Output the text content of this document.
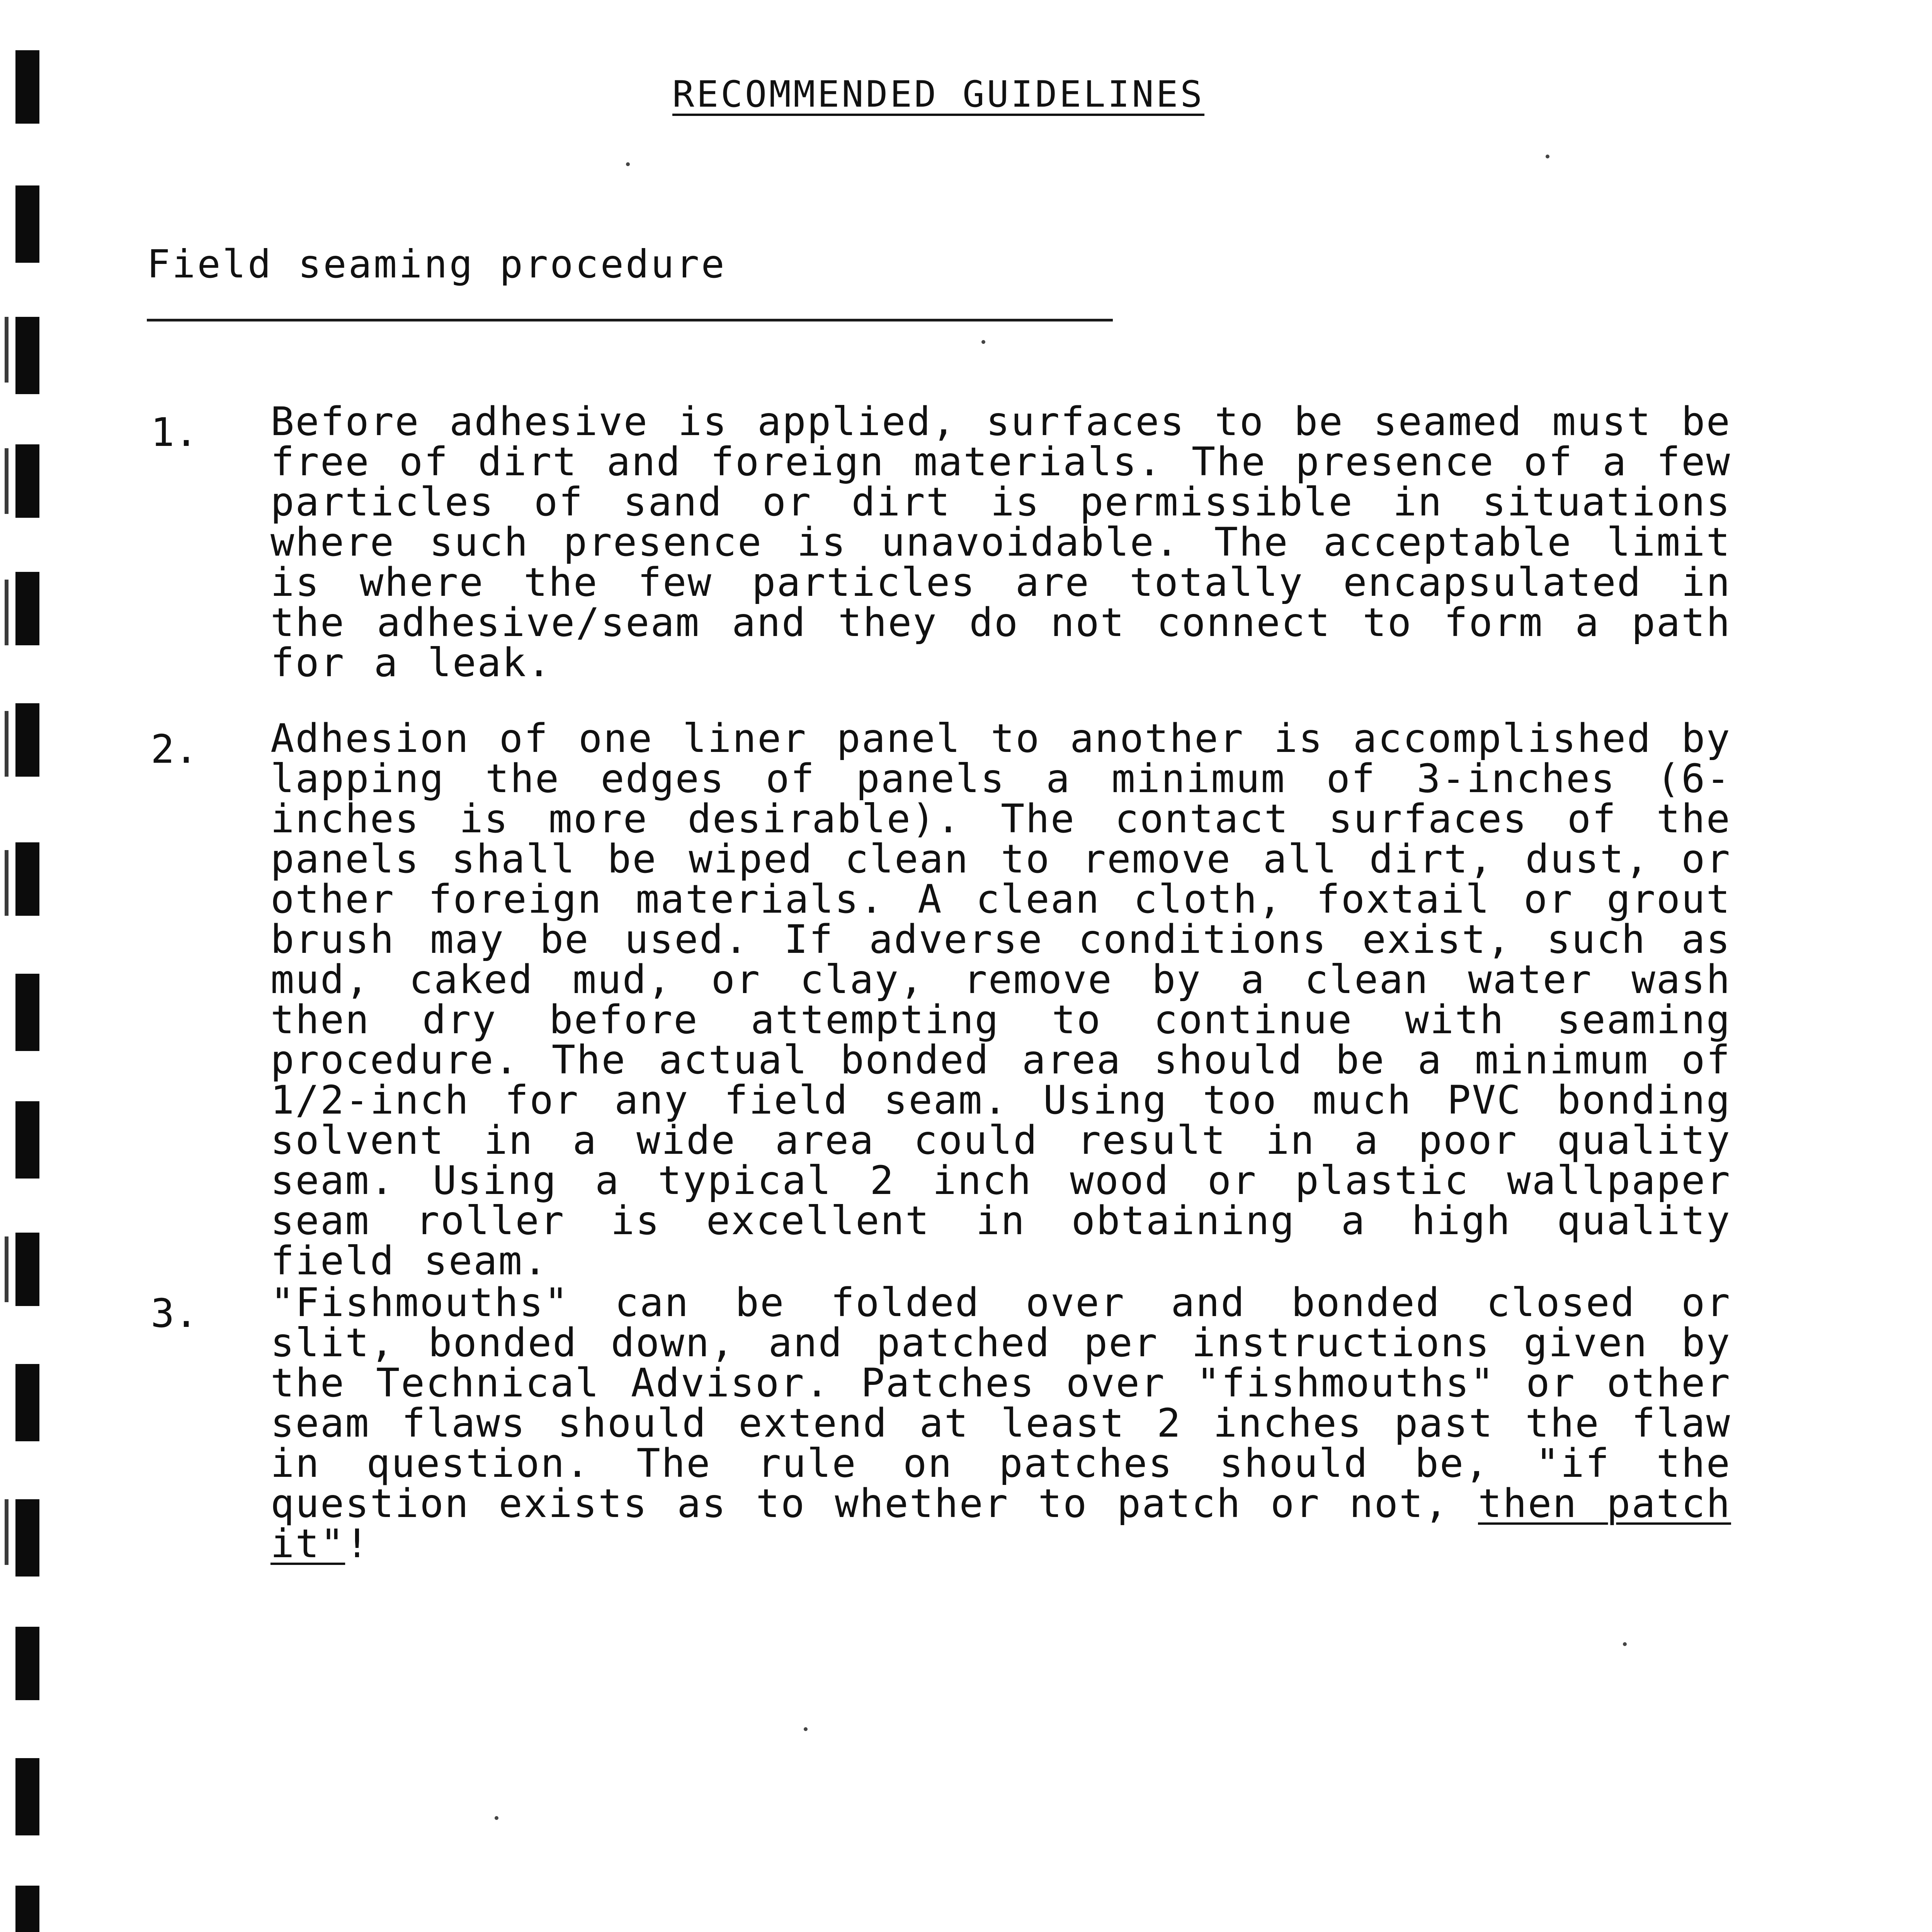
RECOMMENDED GUIDELINES
Field seaming procedure
1. Before adhesive is applied, surfaces to be seamed must be free of dirt and foreign materials. The presence of a few particles of sand or dirt is permissible in situations where such presence is unavoidable. The acceptable limit is where the few particles are totally encapsulated in the adhesive/seam and they do not connect to form a path for a leak.
2. Adhesion of one liner panel to another is accomplished by lapping the edges of panels a minimum of 3-inches (6-inches is more desirable). The contact surfaces of the panels shall be wiped clean to remove all dirt, dust, or other foreign materials. A clean cloth, foxtail or grout brush may be used. If adverse conditions exist, such as mud, caked mud, or clay, remove by a clean water wash then dry before attempting to continue with seaming procedure. The actual bonded area should be a minimum of 1/2-inch for any field seam. Using too much PVC bonding solvent in a wide area could result in a poor quality seam. Using a typical 2 inch wood or plastic wallpaper seam roller is excellent in obtaining a high quality field seam.
3. "Fishmouths" can be folded over and bonded closed or slit, bonded down, and patched per instructions given by the Technical Advisor. Patches over "fishmouths" or other seam flaws should extend at least 2 inches past the flaw in question. The rule on patches should be, "if the question exists as to whether to patch or not, then patch it"!
